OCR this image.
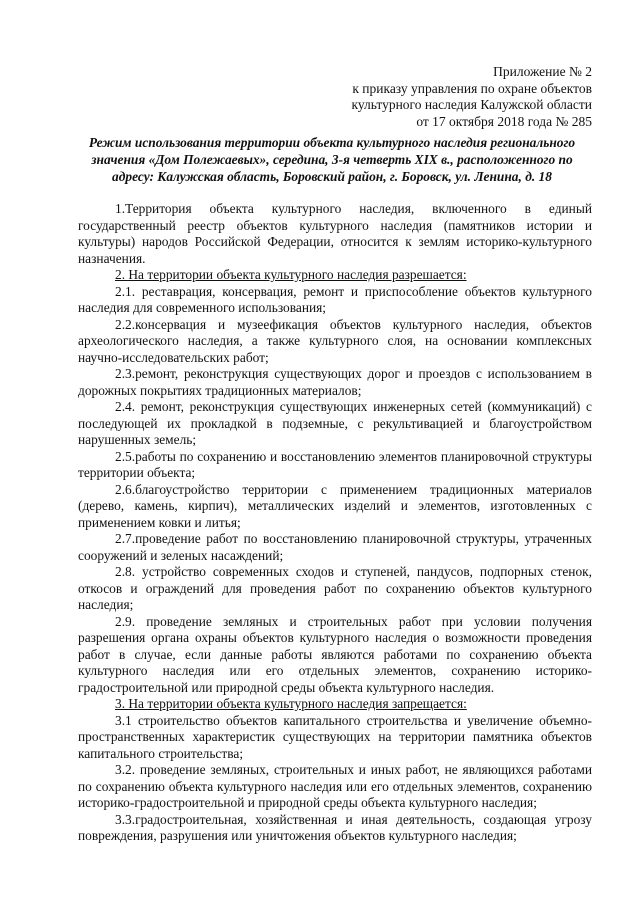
Приложение № 2
к приказу управления по охране объектов
культурного наследия Калужской области
от 17 октября 2018 года № 285
Режим использования территории объекта культурного наследия регионального значения «Дом Полежаевых», середина, 3-я четверть XIX в., расположенного по адресу: Калужская область, Боровский район, г. Боровск, ул. Ленина, д. 18

1.Территория объекта культурного наследия, включенного в единый государственный реестр объектов культурного наследия (памятников истории и культуры) народов Российской Федерации, относится к землям историко-культурного назначения.

2. На территории объекта культурного наследия разрешается:

2.1. реставрация, консервация, ремонт и приспособление объектов культурного наследия для современного использования;

2.2.консервация и музеефикация объектов культурного наследия, объектов археологического наследия, а также культурного слоя, на основании комплексных научно-исследовательских работ;

2.3.ремонт, реконструкция существующих дорог и проездов с использованием в дорожных покрытиях традиционных материалов;

2.4. ремонт, реконструкция существующих инженерных сетей (коммуникаций) с последующей их прокладкой в подземные, с рекультивацией и благоустройством нарушенных земель;

2.5.работы по сохранению и восстановлению элементов планировочной структуры территории объекта;

2.6.благоустройство территории с применением традиционных материалов (дерево, камень, кирпич), металлических изделий и элементов, изготовленных с применением ковки и литья;

2.7.проведение работ по восстановлению планировочной структуры, утраченных сооружений и зеленых насаждений;

2.8. устройство современных сходов и ступеней, пандусов, подпорных стенок, откосов и ограждений для проведения работ по сохранению объектов культурного наследия;

2.9. проведение земляных и строительных работ при условии получения разрешения органа охраны объектов культурного наследия о возможности проведения работ в случае, если данные работы являются работами по сохранению объекта культурного наследия или его отдельных элементов, сохранению историко-градостроительной или природной среды объекта культурного наследия.

3. На территории объекта культурного наследия запрещается:

3.1 строительство объектов капитального строительства и увеличение объемно-пространственных характеристик существующих на территории памятника объектов капитального строительства;

3.2. проведение земляных, строительных и иных работ, не являющихся работами по сохранению объекта культурного наследия или его отдельных элементов, сохранению историко-градостроительной и природной среды объекта культурного наследия;

3.3.градостроительная, хозяйственная и иная деятельность, создающая угрозу повреждения, разрушения или уничтожения объектов культурного наследия;
